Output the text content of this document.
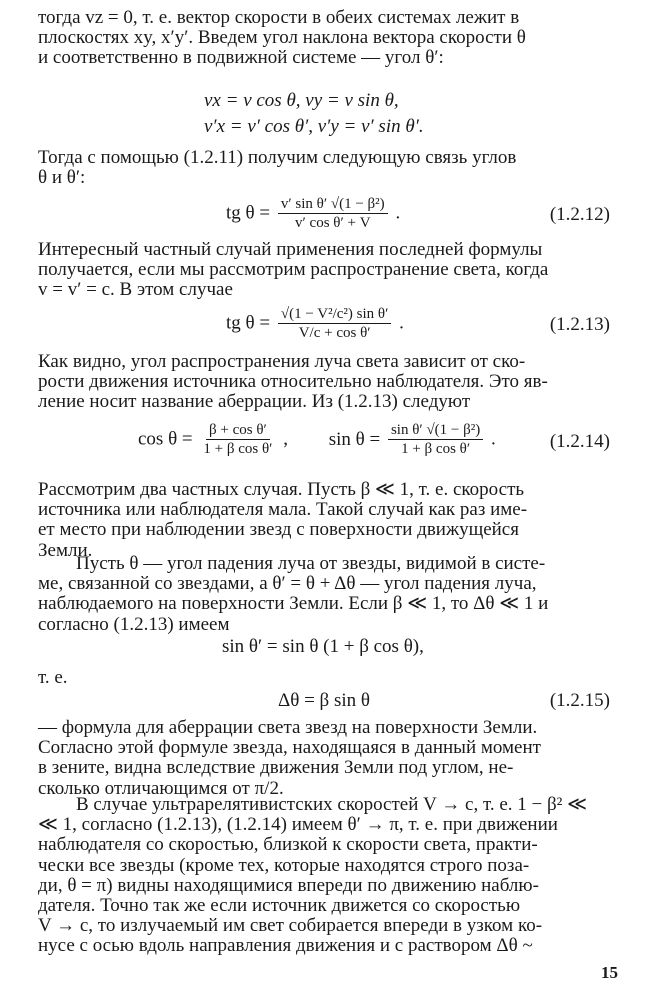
тогда vz = 0, т. е. вектор скорости в обеих системах лежит в
плоскостях xy, x′y′. Введем угол наклона вектора скорости θ
и соответственно в подвижной системе — угол θ′:
vx = v cos θ, vy = v sin θ,
v′x = v′ cos θ′, v′y = v′ sin θ′.
Тогда с помощью (1.2.11) получим следующую связь углов
θ и θ′:
tg $\theta = \frac{\text{v′ sin θ′ √(1 − β²)}}{\text{v′ cos θ′ + V}}$ .	(1.2.12)
Интересный частный случай применения последней формулы
получается, если мы рассмотрим распространение света, когда
v = v′ = c. В этом случае
tg $\theta = \frac{\text{√(1 − V²/c²) sin θ′}}{\text{V/c + cos θ′}}$ .	(1.2.13)
Как видно, угол распространения луча света зависит от ско-
рости движения источника относительно наблюдателя. Это яв-
ление носит название аберрации. Из (1.2.13) следуют
$\cos \theta = \frac{\text{β + cos θ′}}{\text{1 + β cos θ′}}$ , $\sin \theta = \frac{\text{sin θ′ √(1 − β²)}}{\text{1 + β cos θ′}}$ .	(1.2.14)
Рассмотрим два частных случая. Пусть β ≪ 1, т. е. скорость
источника или наблюдателя мала. Такой случай как раз име-
ет место при наблюдении звезд с поверхности движущейся
Земли.
Пусть θ — угол падения луча от звезды, видимой в систе-
ме, связанной со звездами, а θ′ = θ + Δθ — угол падения луча,
наблюдаемого на поверхности Земли. Если β ≪ 1, то Δθ ≪ 1 и
согласно (1.2.13) имеем
sin θ′ = sin θ (1 + β cos θ),
т. е.
Δθ = β sin θ	(1.2.15)
— формула для аберрации света звезд на поверхности Земли.
Согласно этой формуле звезда, находящаяся в данный момент
в зените, видна вследствие движения Земли под углом, не-
сколько отличающимся от π/2.
В случае ультрарелятивистских скоростей V → c, т. е. 1 − β² ≪
≪ 1, согласно (1.2.13), (1.2.14) имеем θ′ → π, т. е. при движении
наблюдателя со скоростью, близкой к скорости света, практи-
чески все звезды (кроме тех, которые находятся строго поза-
ди, θ = π) видны находящимися впереди по движению наблю-
дателя. Точно так же если источник движется со скоростью
V → c, то излучаемый им свет собирается впереди в узком ко-
нусе с осью вдоль направления движения и с раствором Δθ ~
15
